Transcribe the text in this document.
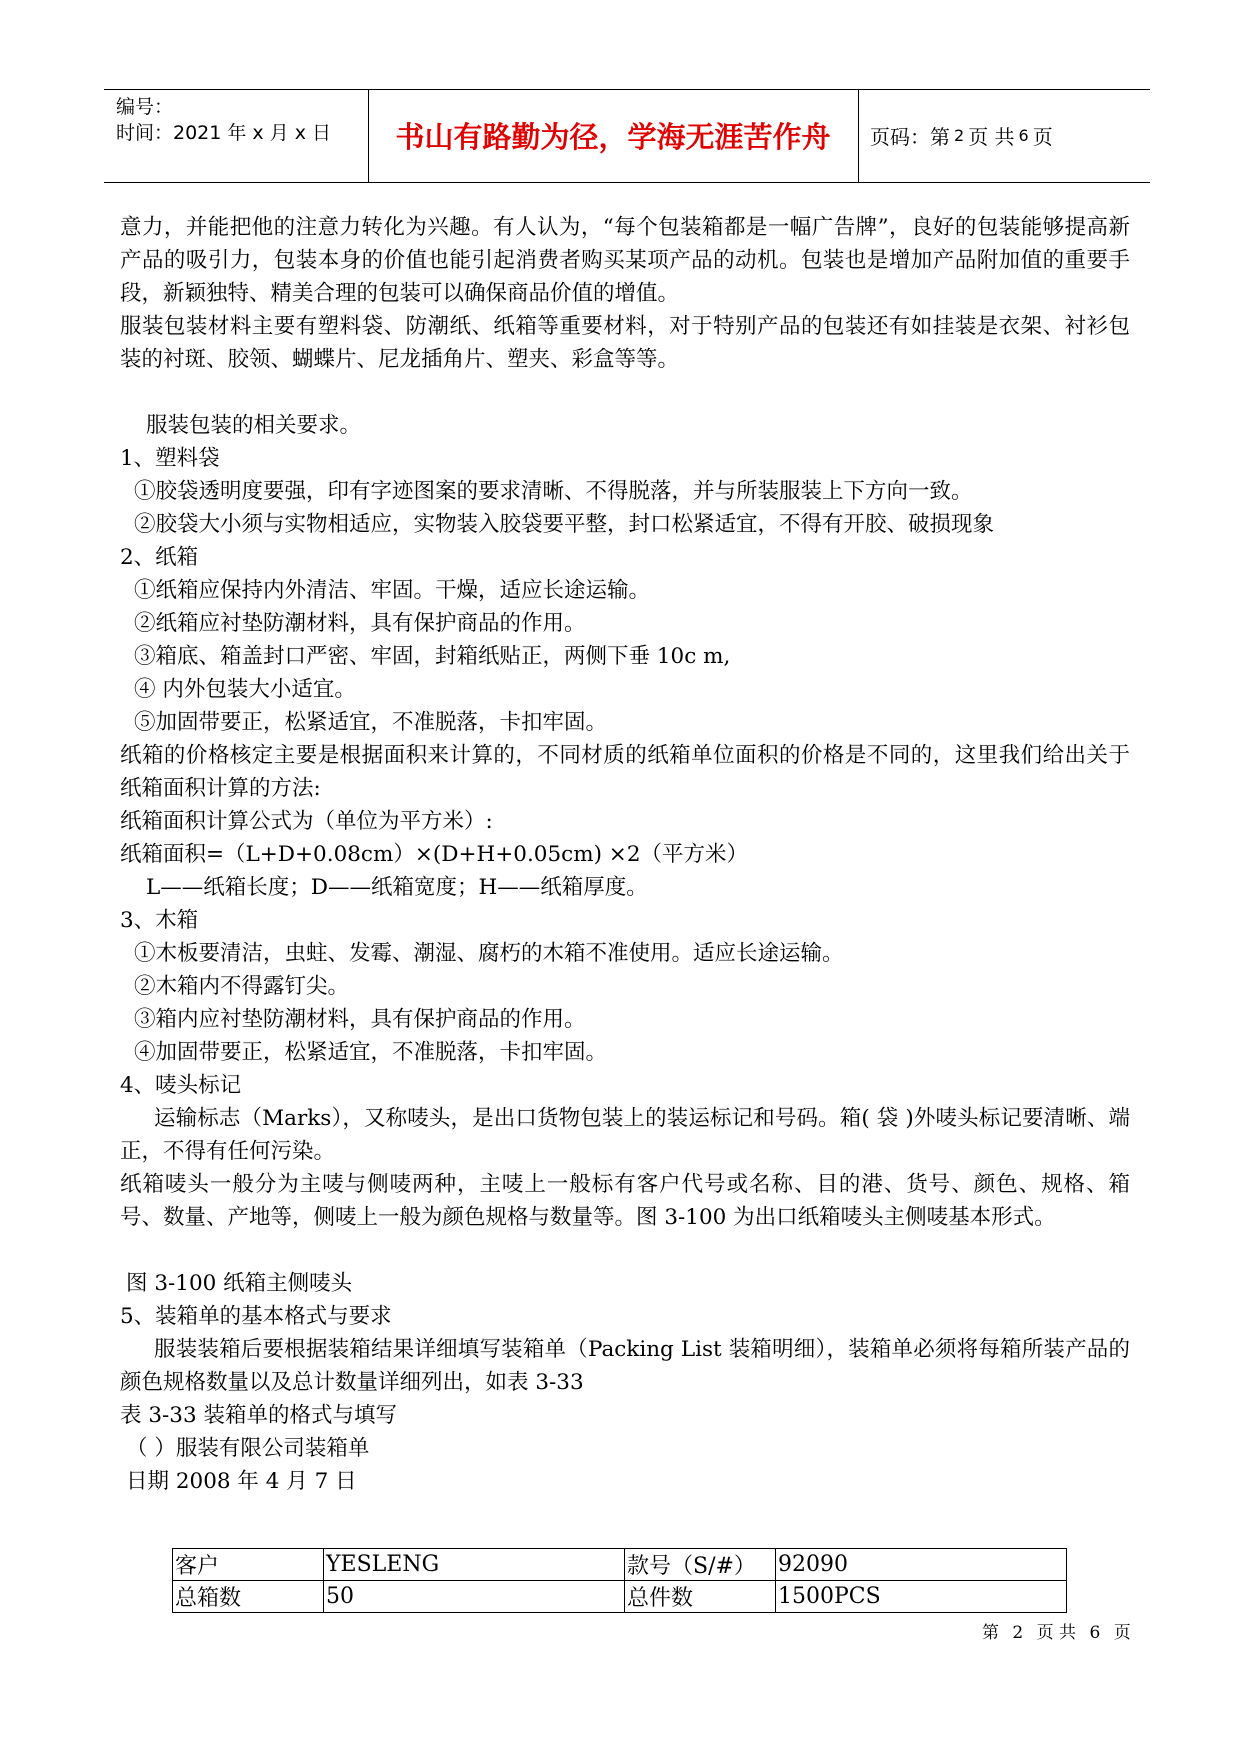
编号：
时间：2021 年 x 月 x 日	书山有路勤为径，学海无涯苦作舟	页码：第 2 页 共 6 页

意力，并能把他的注意力转化为兴趣。有人认为，“每个包装箱都是一幅广告牌”，良好的包装能够提高新产品的吸引力，包装本身的价值也能引起消费者购买某项产品的动机。包装也是增加产品附加值的重要手段，新颖独特、精美合理的包装可以确保商品价值的增值。

服装包装材料主要有塑料袋、防潮纸、纸箱等重要材料，对于特别产品的包装还有如挂装是衣架、衬衫包装的衬斑、胶领、蝴蝶片、尼龙插角片、塑夹、彩盒等等。

服装包装的相关要求。

1、塑料袋

①胶袋透明度要强，印有字迹图案的要求清晰、不得脱落，并与所装服装上下方向一致。

②胶袋大小须与实物相适应，实物装入胶袋要平整，封口松紧适宜，不得有开胶、破损现象

2、纸箱

①纸箱应保持内外清洁、牢固。干燥，适应长途运输。

②纸箱应衬垫防潮材料，具有保护商品的作用。

③箱底、箱盖封口严密、牢固，封箱纸贴正，两侧下垂 10c m,

④ 内外包装大小适宜。

⑤加固带要正，松紧适宜，不准脱落，卡扣牢固。

纸箱的价格核定主要是根据面积来计算的，不同材质的纸箱单位面积的价格是不同的，这里我们给出关于纸箱面积计算的方法:

纸箱面积计算公式为（单位为平方米）:

纸箱面积=（L+D+0.08cm）×(D+H+0.05cm) ×2（平方米）

L——纸箱长度；D——纸箱宽度；H——纸箱厚度。

3、木箱

①木板要清洁，虫蛀、发霉、潮湿、腐朽的木箱不准使用。适应长途运输。

②木箱内不得露钉尖。

③箱内应衬垫防潮材料，具有保护商品的作用。

④加固带要正，松紧适宜，不准脱落，卡扣牢固。

4、唛头标记

运输标志（Marks），又称唛头，是出口货物包装上的装运标记和号码。箱( 袋 )外唛头标记要清晰、端正，不得有任何污染。

纸箱唛头一般分为主唛与侧唛两种，主唛上一般标有客户代号或名称、目的港、货号、颜色、规格、箱号、数量、产地等，侧唛上一般为颜色规格与数量等。图 3-100 为出口纸箱唛头主侧唛基本形式。

图 3-100 纸箱主侧唛头

5、装箱单的基本格式与要求

服装装箱后要根据装箱结果详细填写装箱单（Packing List 装箱明细），装箱单必须将每箱所装产品的颜色规格数量以及总计数量详细列出，如表 3-33

表 3-33 装箱单的格式与填写

（ ）服装有限公司装箱单

日期 2008 年 4 月 7 日

客户	YESLENG	款号（S/#）	92090
总箱数	50	总件数	1500PCS
第 2 页 共 6 页
